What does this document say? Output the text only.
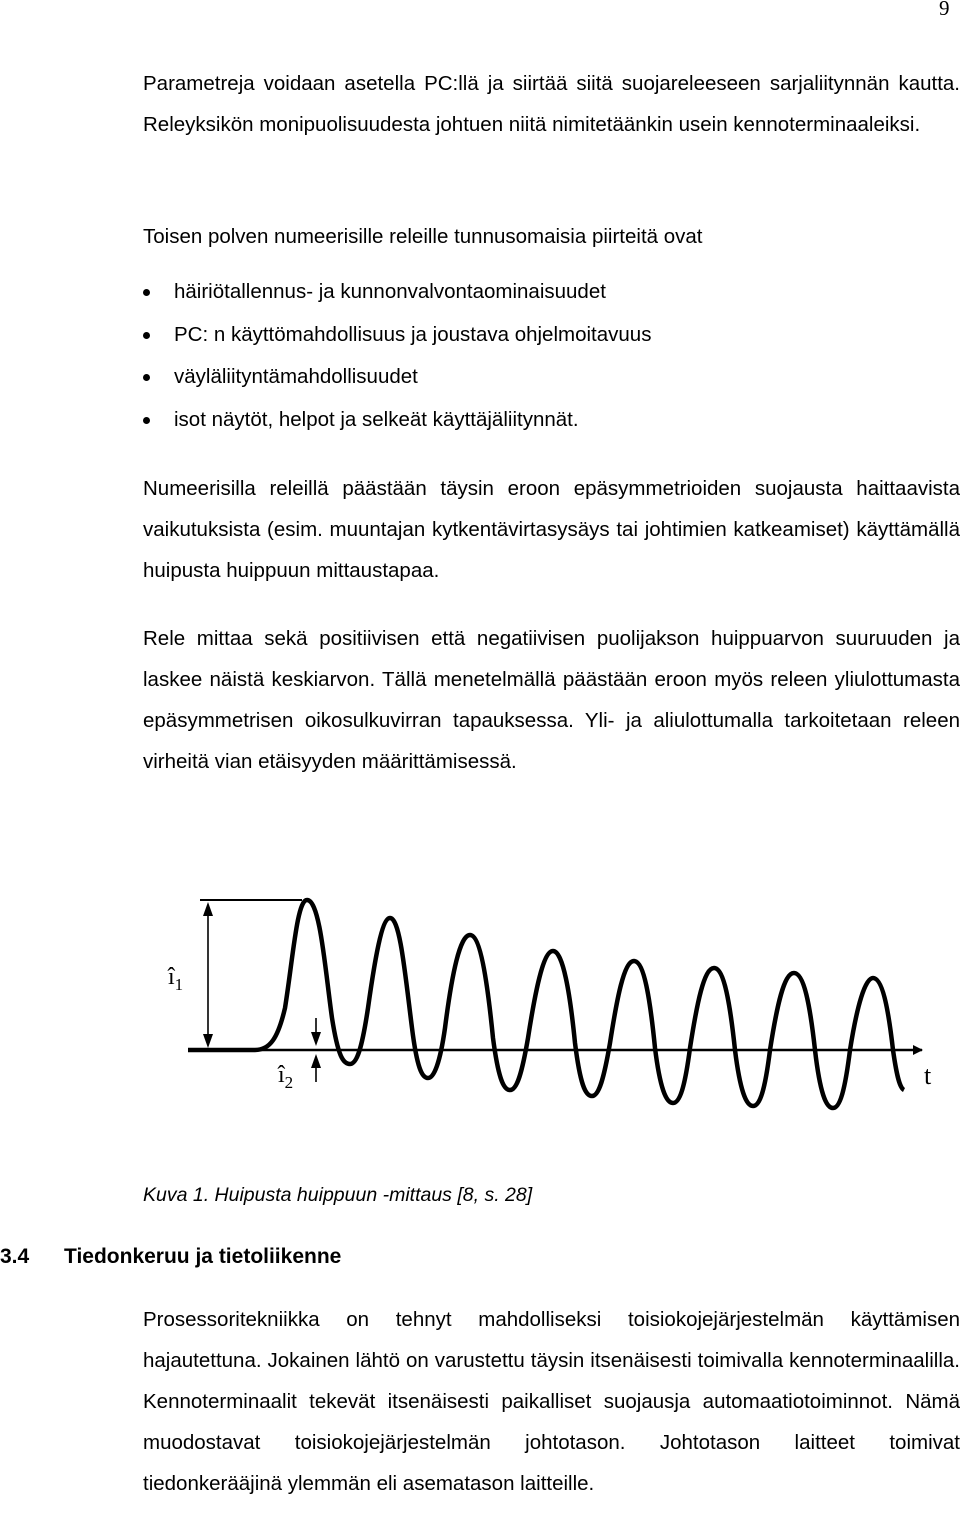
9

Parametreja voidaan asetella PC:llä ja siirtää siitä suojareleeseen sarjaliitynnän kautta. Releyksikön monipuolisuudesta johtuen niitä nimitetäänkin usein kennoterminaaleiksi.

Toisen polven numeerisille releille tunnusomaisia piirteitä ovat

häiriötallennus- ja kunnonvalvontaominaisuudet
PC: n käyttömahdollisuus ja joustava ohjelmoitavuus
väyläliityntämahdollisuudet
isot näytöt, helpot ja selkeät käyttäjäliitynnät.

Numeerisilla releillä päästään täysin eroon epäsymmetrioiden suojausta haittaavista vaikutuksista (esim. muuntajan kytkentävirtasysäys tai johtimien katkeamiset) käyttämällä huipusta huippuun mittaustapaa.

Rele mittaa sekä positiivisen että negatiivisen puolijakson huippuarvon suuruuden ja laskee näistä keskiarvon. Tällä menetelmällä päästään eroon myös releen yliulottumasta epäsymmetrisen oikosulkuvirran tapauksessa. Yli- ja aliulottumalla tarkoitetaan releen virheitä vian etäisyyden määrittämisessä.

$î_1$
$î_2$	t

Kuva 1. Huipusta huippuun -mittaus [8, s. 28]

3.4 Tiedonkeruu ja tietoliikenne

Prosessoritekniikka on tehnyt mahdolliseksi toisiokojejärjestelmän käyttämisen hajautettuna. Jokainen lähtö on varustettu täysin itsenäisesti toimivalla kennoterminaalilla. Kennoterminaalit tekevät itsenäisesti paikalliset suojausja automaatiotoiminnot. Nämä muodostavat toisiokojejärjestelmän johtotason. Johtotason laitteet toimivat tiedonkerääjinä ylemmän eli asematason laitteille.
